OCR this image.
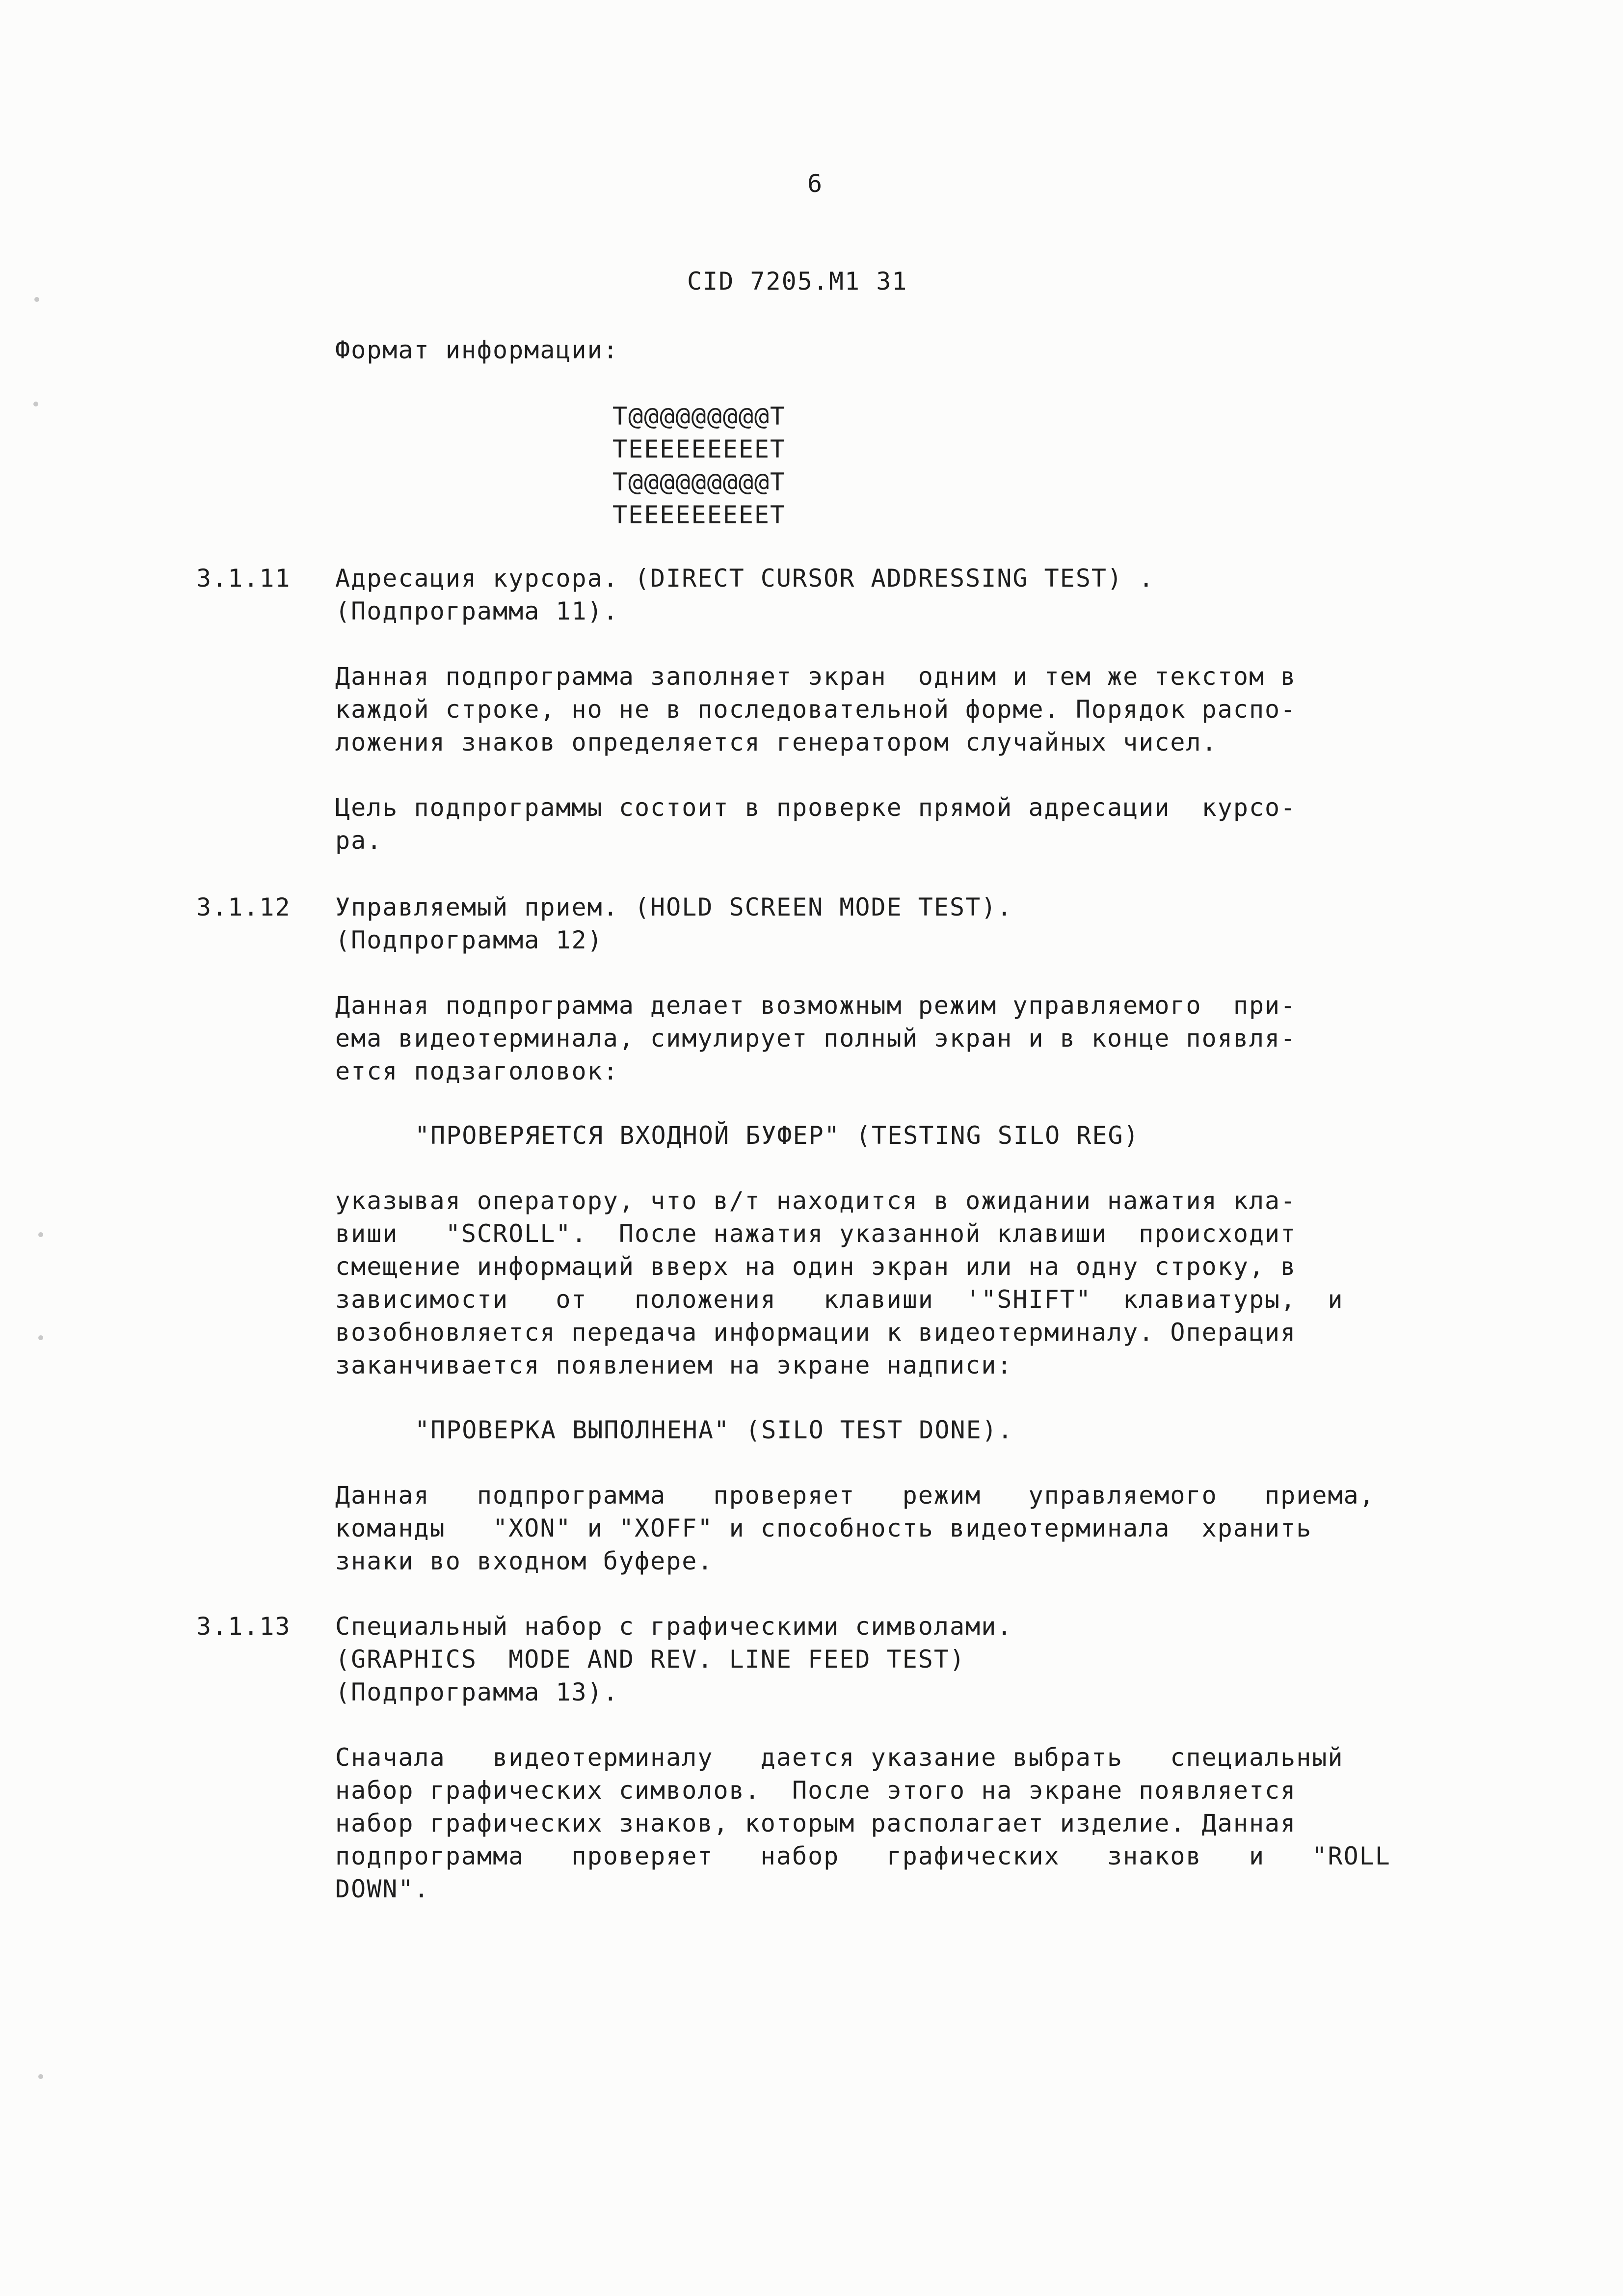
6
CID 7205.M1 31
Формат информации:
T@@@@@@@@@T
TEEEEEEEEET
T@@@@@@@@@T
TEEEEEEEEET
3.1.11 Адресация курсора. (DIRECT CURSOR ADDRESSING TEST) .
(Подпрограмма 11).
Данная подпрограмма заполняет экран  одним и тем же текстом в
каждой строке, но не в последовательной форме. Порядок распо-
ложения знаков определяется генератором случайных чисел.
Цель подпрограммы состоит в проверке прямой адресации  курсо-
ра.
3.1.12 Управляемый прием. (HOLD SCREEN MODE TEST).
(Подпрограмма 12)
Данная подпрограмма делает возможным режим управляемого  при-
ема видеотерминала, симулирует полный экран и в конце появля-
ется подзаголовок:
"ПРОВЕРЯЕТСЯ ВХОДНОЙ БУФЕР" (TESTING SILO REG)
указывая оператору, что в/т находится в ожидании нажатия кла-
виши   "SCROLL".  После нажатия указанной клавиши  происходит
смещение информаций вверх на один экран или на одну строку, в
зависимости   от   положения   клавиши  '"SHIFT"  клавиатуры,  и
возобновляется передача информации к видеотерминалу. Операция
заканчивается появлением на экране надписи:
"ПРОВЕРКА ВЫПОЛНЕНА" (SILO TEST DONE).
Данная   подпрограмма   проверяет   режим   управляемого   приема,
команды   "XON" и "XOFF" и способность видеотерминала  хранить
знаки во входном буфере.
3.1.13 Специальный набор с графическими символами.
(GRAPHICS  MODE AND REV. LINE FEED TEST)
(Подпрограмма 13).
Сначала   видеотерминалу   дается указание выбрать   специальный
набор графических символов.  После этого на экране появляется
набор графических знаков, которым располагает изделие. Данная
подпрограмма   проверяет   набор   графических   знаков   и   "ROLL
DOWN".
